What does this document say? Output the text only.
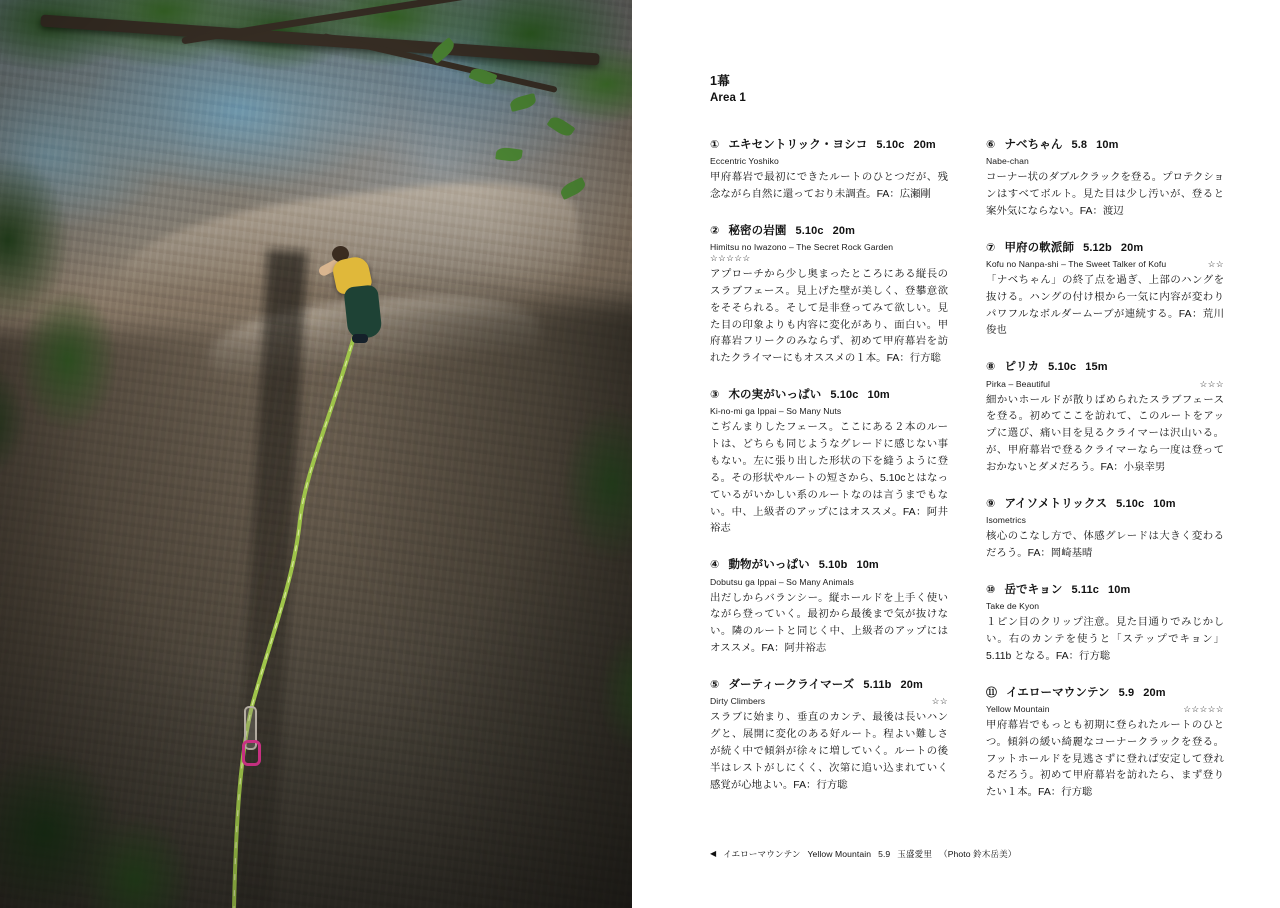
1幕
Area 1
① エキセントリック・ヨシコ 5.10c 20m
Eccentric Yoshiko
甲府幕岩で最初にできたルートのひとつだが、残念ながら自然に還っており未調査。FA：広瀬剛
② 秘密の岩園 5.10c 20m
Himitsu no Iwazono – The Secret Rock Garden
☆☆☆☆☆
アプローチから少し奥まったところにある縦長のスラブフェース。見上げた壁が美しく、登攀意欲をそそられる。そして是非登ってみて欲しい。見た目の印象よりも内容に変化があり、面白い。甲府幕岩フリークのみならず、初めて甲府幕岩を訪れたクライマーにもオススメの１本。FA：行方聡
③ 木の実がいっぱい 5.10c 10m
Ki-no-mi ga Ippai – So Many Nuts
こぢんまりしたフェース。ここにある２本のルートは、どちらも同じようなグレードに感じない事もない。左に張り出した形状の下を縫うように登る。その形状やルートの短さから、5.10cとはなっているがいかしい系のルートなのは言うまでもない。中、上級者のアップにはオススメ。FA：阿井裕志
④ 動物がいっぱい 5.10b 10m
Dobutsu ga Ippai – So Many Animals
出だしからバランシー。縦ホールドを上手く使いながら登っていく。最初から最後まで気が抜けない。隣のルートと同じく中、上級者のアップにはオススメ。FA：阿井裕志
⑤ ダーティークライマーズ 5.11b 20m
Dirty Climbers	☆☆
スラブに始まり、垂直のカンテ、最後は長いハングと、展開に変化のある好ルート。程よい難しさが続く中で傾斜が徐々に増していく。ルートの後半はレストがしにくく、次第に追い込まれていく感覚が心地よい。FA：行方聡
⑥ ナベちゃん 5.8 10m
Nabe-chan
コーナー状のダブルクラックを登る。プロテクションはすべてボルト。見た目は少し汚いが、登ると案外気にならない。FA：渡辺
⑦ 甲府の軟派師 5.12b 20m
Kofu no Nanpa-shi – The Sweet Talker of Kofu	☆☆
「ナベちゃん」の終了点を過ぎ、上部のハングを抜ける。ハングの付け根から一気に内容が変わりパワフルなボルダームーブが連続する。FA：荒川俊也
⑧ ピリカ 5.10c 15m
Pirka – Beautiful	☆☆☆
細かいホールドが散りばめられたスラブフェースを登る。初めてここを訪れて、このルートをアップに選び、痛い目を見るクライマーは沢山いる。が、甲府幕岩で登るクライマーなら一度は登っておかないとダメだろう。FA：小泉幸男
⑨ アイソメトリックス 5.10c 10m
Isometrics
核心のこなし方で、体感グレードは大きく変わるだろう。FA：岡崎基晴
⑩ 岳でキョン 5.11c 10m
Take de Kyon
１ピン目のクリップ注意。見た目通りでみじかしい。右のカンテを使うと「ステップでキョン」5.11b となる。FA：行方聡
⑪ イエローマウンテン 5.9 20m
Yellow Mountain	☆☆☆☆☆
甲府幕岩でもっとも初期に登られたルートのひとつ。傾斜の緩い綺麗なコーナークラックを登る。フットホールドを見逃さずに登れば安定して登れるだろう。初めて甲府幕岩を訪れたら、まず登りたい１本。FA：行方聡
◀ イエローマウンテン Yellow Mountain 5.9 玉盛愛里 （Photo 鈴木岳美）
